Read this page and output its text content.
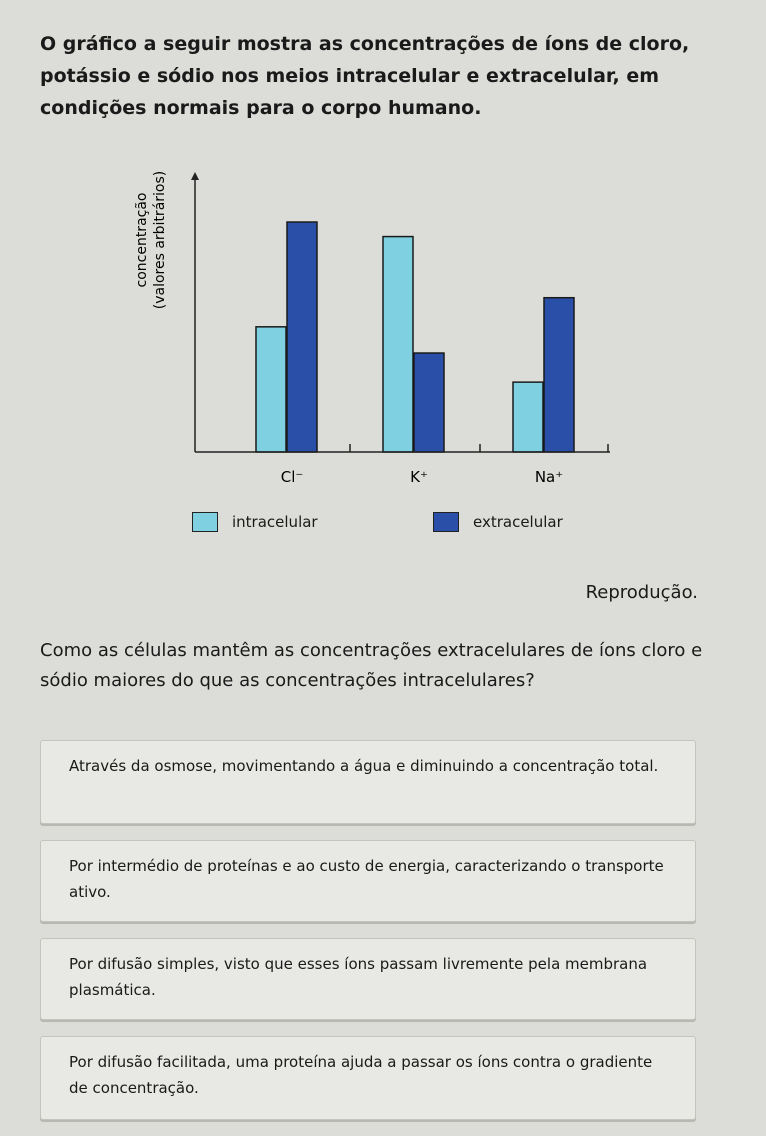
O gráfico a seguir mostra as concentrações de íons de cloro, potássio e sódio nos meios intracelular e extracelular, em condições normais para o corpo humano.

concentração (valores arbitrários)
Cl⁻	K⁺	Na⁺
intracelular	extracelular

Reprodução.

Como as células mantêm as concentrações extracelulares de íons cloro e sódio maiores do que as concentrações intracelulares?

Através da osmose, movimentando a água e diminuindo a concentração total.
Por intermédio de proteínas e ao custo de energia, caracterizando o transporte ativo.
Por difusão simples, visto que esses íons passam livremente pela membrana plasmática.
Por difusão facilitada, uma proteína ajuda a passar os íons contra o gradiente de concentração.
